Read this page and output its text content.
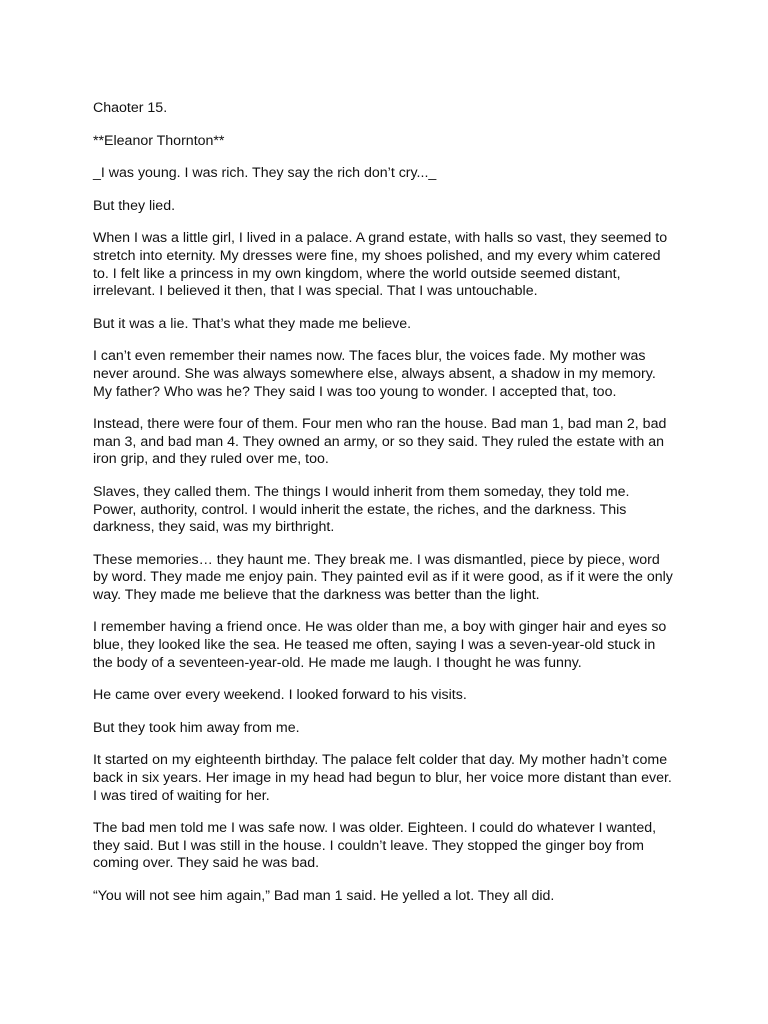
Chaoter 15.

**Eleanor Thornton**

_I was young. I was rich. They say the rich don’t cry..._

But they lied.

When I was a little girl, I lived in a palace. A grand estate, with halls so vast, they seemed to
stretch into eternity. My dresses were fine, my shoes polished, and my every whim catered
to. I felt like a princess in my own kingdom, where the world outside seemed distant,
irrelevant. I believed it then, that I was special. That I was untouchable.

But it was a lie. That’s what they made me believe.

I can’t even remember their names now. The faces blur, the voices fade. My mother was
never around. She was always somewhere else, always absent, a shadow in my memory.
My father? Who was he? They said I was too young to wonder. I accepted that, too.

Instead, there were four of them. Four men who ran the house. Bad man 1, bad man 2, bad
man 3, and bad man 4. They owned an army, or so they said. They ruled the estate with an
iron grip, and they ruled over me, too.

Slaves, they called them. The things I would inherit from them someday, they told me.
Power, authority, control. I would inherit the estate, the riches, and the darkness. This
darkness, they said, was my birthright.

These memories… they haunt me. They break me. I was dismantled, piece by piece, word
by word. They made me enjoy pain. They painted evil as if it were good, as if it were the only
way. They made me believe that the darkness was better than the light.

I remember having a friend once. He was older than me, a boy with ginger hair and eyes so
blue, they looked like the sea. He teased me often, saying I was a seven-year-old stuck in
the body of a seventeen-year-old. He made me laugh. I thought he was funny.

He came over every weekend. I looked forward to his visits.

But they took him away from me.

It started on my eighteenth birthday. The palace felt colder that day. My mother hadn’t come
back in six years. Her image in my head had begun to blur, her voice more distant than ever.
I was tired of waiting for her.

The bad men told me I was safe now. I was older. Eighteen. I could do whatever I wanted,
they said. But I was still in the house. I couldn’t leave. They stopped the ginger boy from
coming over. They said he was bad.

“You will not see him again,” Bad man 1 said. He yelled a lot. They all did.
